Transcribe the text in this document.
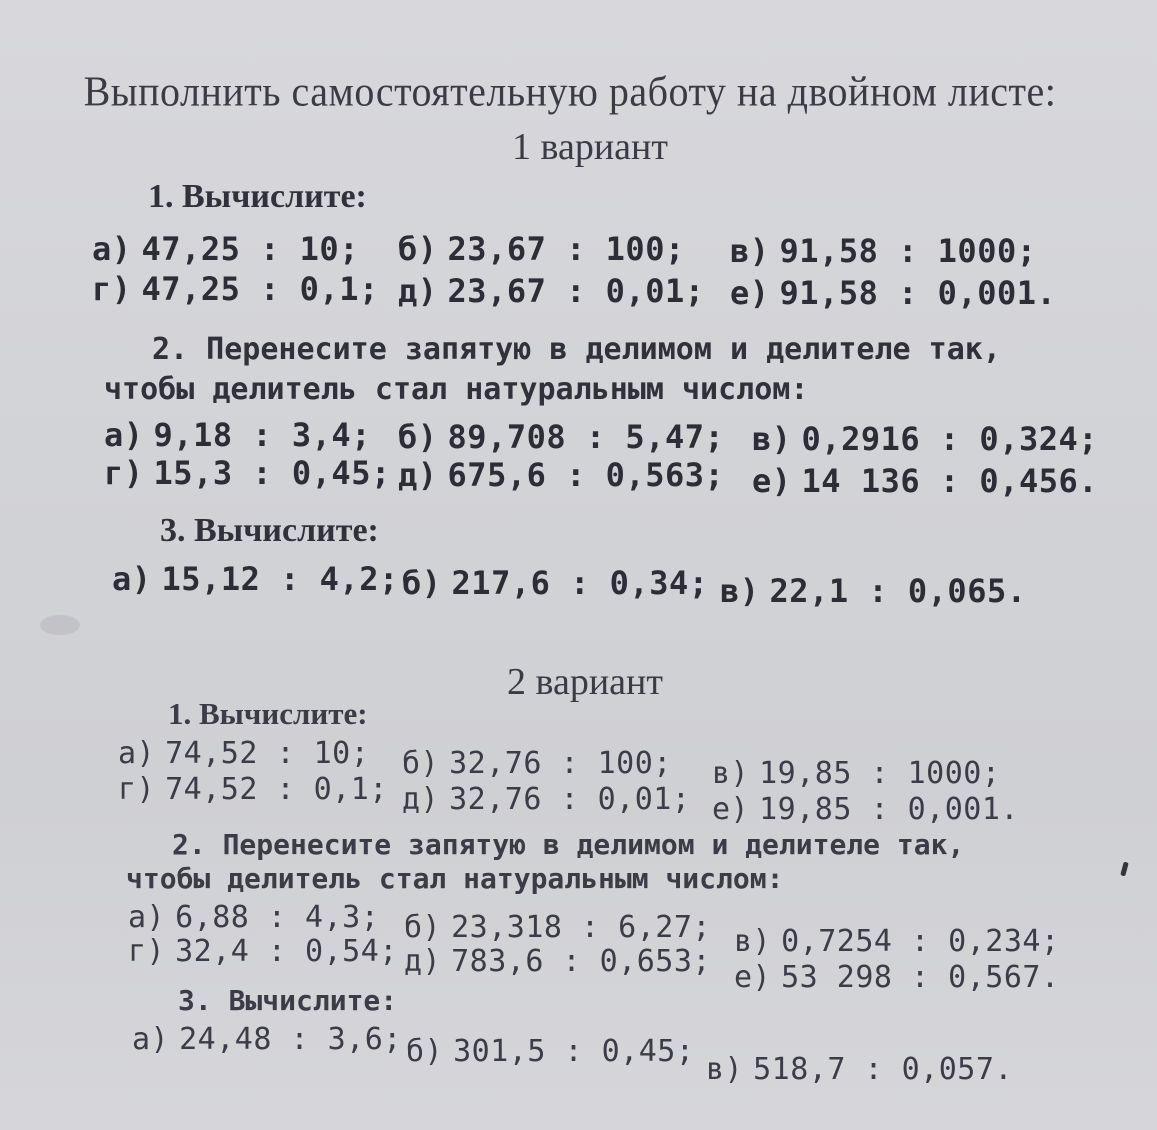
Выполнить самостоятельную работу на двойном листе:
1 вариант
1. Вычислите:
а) 47,25 : 10; б) 23,67 : 100; в) 91,58 : 1000;
г) 47,25 : 0,1; д) 23,67 : 0,01; е) 91,58 : 0,001.
2. Перенесите запятую в делимом и делителе так,
чтобы делитель стал натуральным числом:
а) 9,18 : 3,4; б) 89,708 : 5,47; в) 0,2916 : 0,324;
г) 15,3 : 0,45; д) 675,6 : 0,563; е) 14 136 : 0,456.
3. Вычислите:
а) 15,12 : 4,2; б) 217,6 : 0,34; в) 22,1 : 0,065.
2 вариант
1. Вычислите:
а) 74,52 : 10; б) 32,76 : 100; в) 19,85 : 1000;
г) 74,52 : 0,1; д) 32,76 : 0,01; е) 19,85 : 0,001.
2. Перенесите запятую в делимом и делителе так,
чтобы делитель стал натуральным числом:
а) 6,88 : 4,3; б) 23,318 : 6,27; в) 0,7254 : 0,234;
г) 32,4 : 0,54; д) 783,6 : 0,653; е) 53 298 : 0,567.
3. Вычислите:
а) 24,48 : 3,6; б) 301,5 : 0,45;
в) 518,7 : 0,057.
